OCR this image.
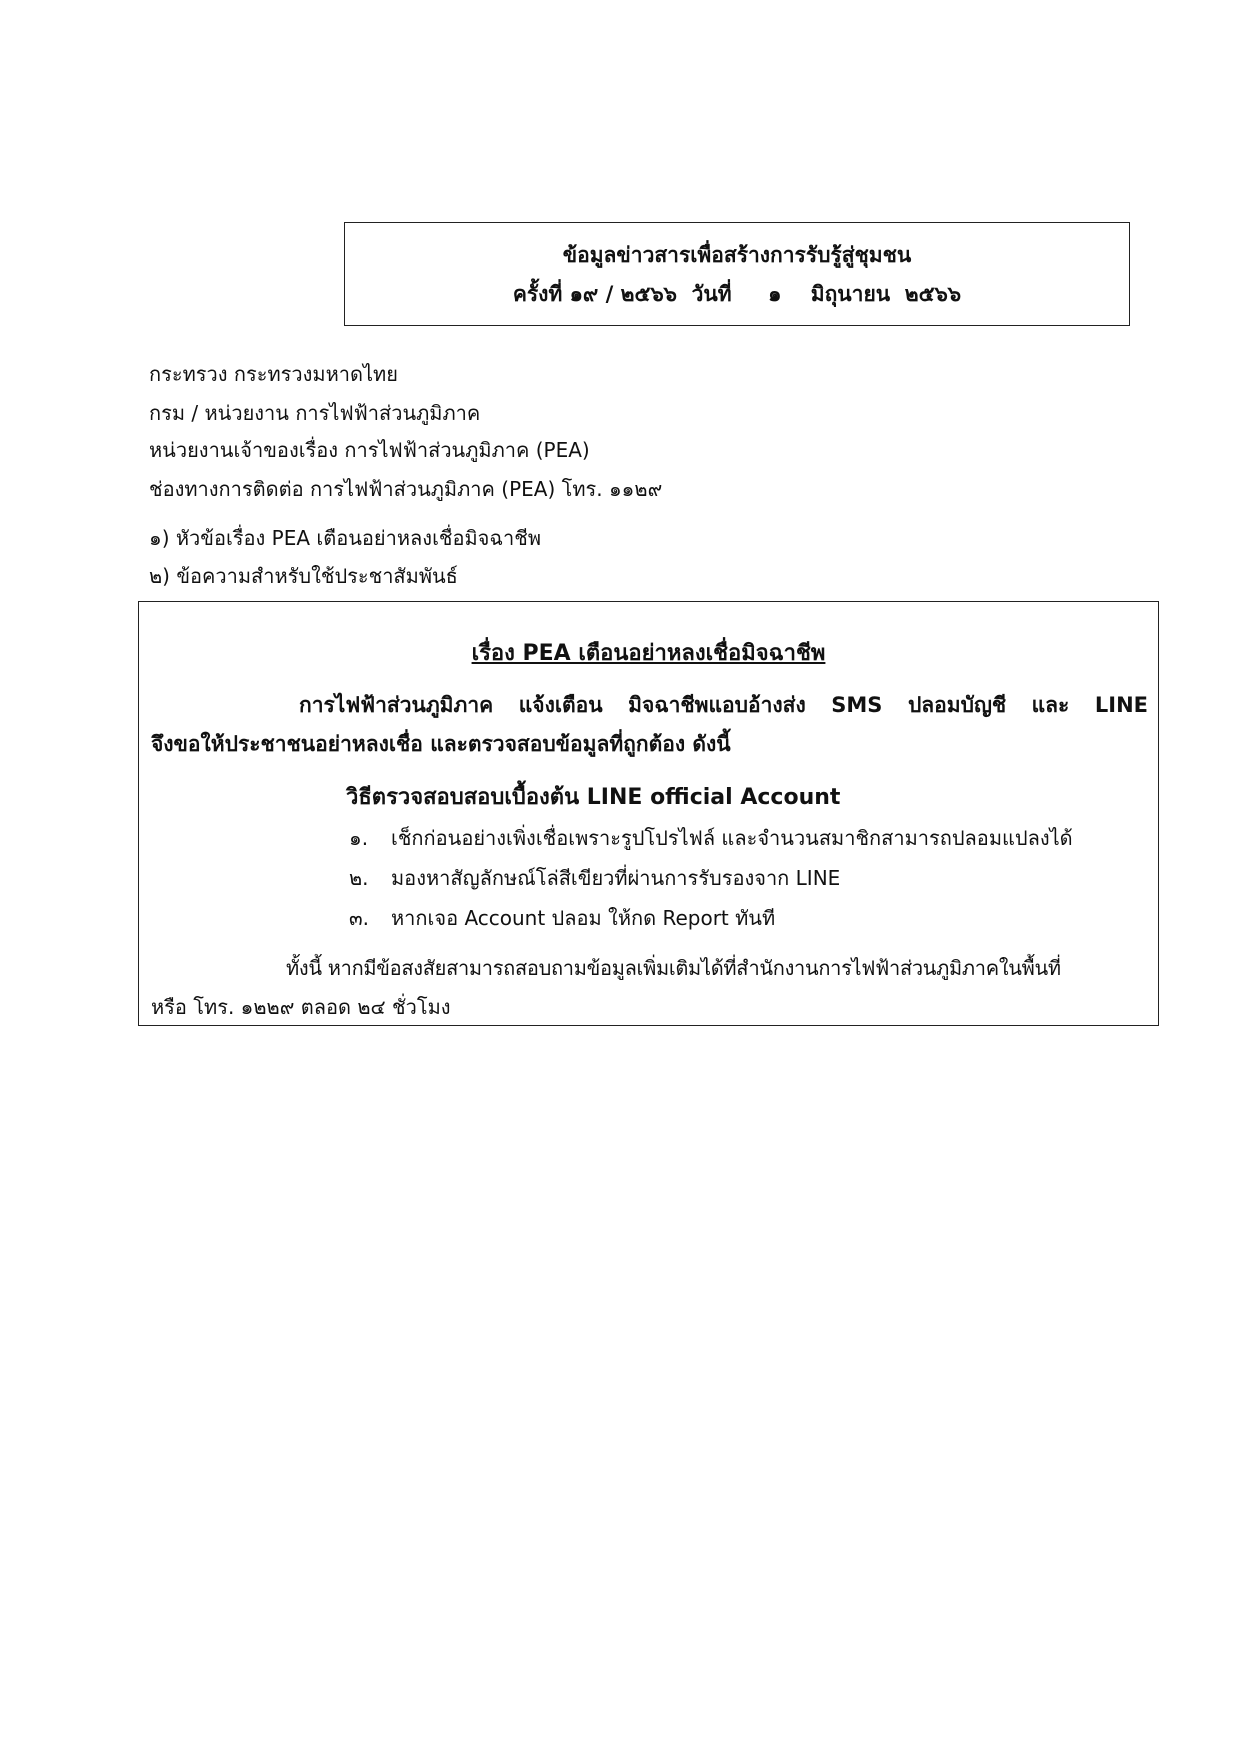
ข้อมูลข่าวสารเพื่อสร้างการรับรู้สู่ชุมชน
ครั้งที่ ๑๙ / ๒๕๖๖  วันที่     ๑    มิถุนายน  ๒๕๖๖
กระทรวง กระทรวงมหาดไทย
กรม / หน่วยงาน การไฟฟ้าส่วนภูมิภาค
หน่วยงานเจ้าของเรื่อง การไฟฟ้าส่วนภูมิภาค (PEA)
ช่องทางการติดต่อ การไฟฟ้าส่วนภูมิภาค (PEA) โทร. ๑๑๒๙
๑) หัวข้อเรื่อง PEA เตือนอย่าหลงเชื่อมิจฉาชีพ
๒) ข้อความสำหรับใช้ประชาสัมพันธ์
เรื่อง PEA เตือนอย่าหลงเชื่อมิจฉาชีพ
การไฟฟ้าส่วนภูมิภาค แจ้งเตือน มิจฉาชีพแอบอ้างส่ง SMS ปลอมบัญชี และ LINE
จึงขอให้ประชาชนอย่าหลงเชื่อ และตรวจสอบข้อมูลที่ถูกต้อง ดังนี้
วิธีตรวจสอบสอบเบื้องต้น LINE official Account
๑. เช็กก่อนอย่างเพิ่งเชื่อเพราะรูปโปรไฟล์ และจำนวนสมาชิกสามารถปลอมแปลงได้
๒. มองหาสัญลักษณ์โล่สีเขียวที่ผ่านการรับรองจาก LINE
๓. หากเจอ Account ปลอม ให้กด Report ทันที
ทั้งนี้ หากมีข้อสงสัยสามารถสอบถามข้อมูลเพิ่มเติมได้ที่สำนักงานการไฟฟ้าส่วนภูมิภาคในพื้นที่
หรือ โทร. ๑๒๒๙ ตลอด ๒๔ ชั่วโมง
